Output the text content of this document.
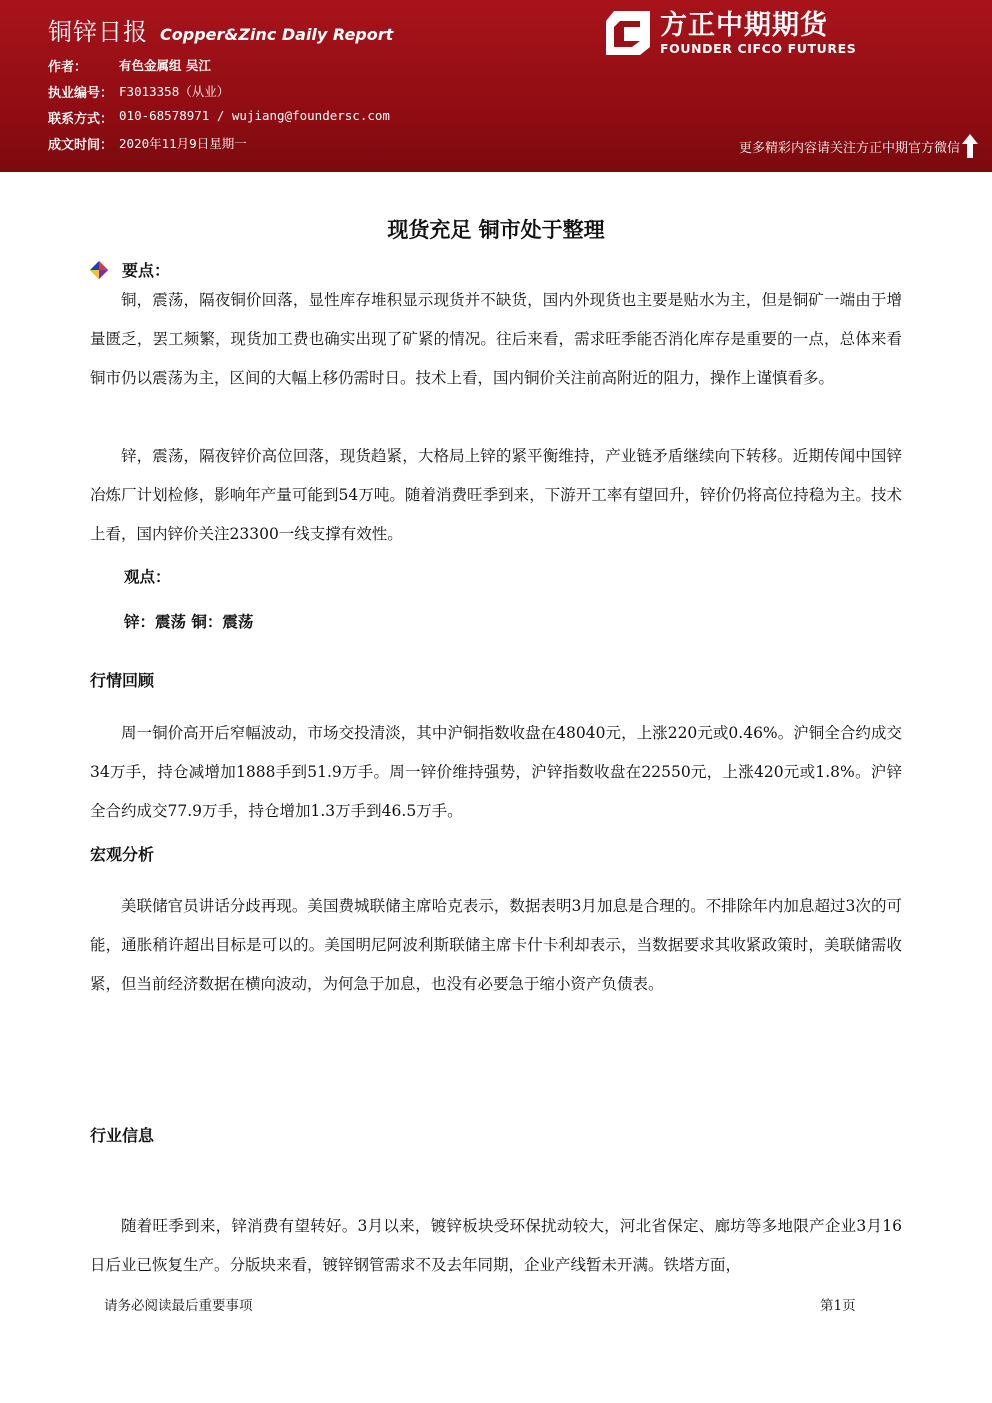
铜锌日报 Copper&Zinc Daily Report
作者：	有色金属组 吴江
执业编号： F3013358（从业）
联系方式： 010-68578971 / wujiang@foundersc.com
成文时间： 2020年11月9日星期一
方正中期期货
FOUNDER CIFCO FUTURES
更多精彩内容请关注方正中期官方微信
现货充足 铜市处于整理
要点：

铜，震荡，隔夜铜价回落，显性库存堆积显示现货并不缺货，国内外现货也主要是贴水为主，但是铜矿一端由于增量匮乏，罢工频繁，现货加工费也确实出现了矿紧的情况。往后来看，需求旺季能否消化库存是重要的一点，总体来看铜市仍以震荡为主，区间的大幅上移仍需时日。技术上看，国内铜价关注前高附近的阻力，操作上谨慎看多。

锌，震荡，隔夜锌价高位回落，现货趋紧，大格局上锌的紧平衡维持，产业链矛盾继续向下转移。近期传闻中国锌冶炼厂计划检修，影响年产量可能到54万吨。随着消费旺季到来，下游开工率有望回升，锌价仍将高位持稳为主。技术上看，国内锌价关注23300一线支撑有效性。

观点：
锌：震荡 铜：震荡
行情回顾

周一铜价高开后窄幅波动，市场交投清淡，其中沪铜指数收盘在48040元，上涨220元或0.46%。沪铜全合约成交34万手，持仓减增加1888手到51.9万手。周一锌价维持强势，沪锌指数收盘在22550元，上涨420元或1.8%。沪锌全合约成交77.9万手，持仓增加1.3万手到46.5万手。

宏观分析

美联储官员讲话分歧再现。美国费城联储主席哈克表示，数据表明3月加息是合理的。不排除年内加息超过3次的可能，通胀稍许超出目标是可以的。美国明尼阿波利斯联储主席卡什卡利却表示，当数据要求其收紧政策时，美联储需收紧，但当前经济数据在横向波动，为何急于加息，也没有必要急于缩小资产负债表。

行业信息

随着旺季到来，锌消费有望转好。3月以来，镀锌板块受环保扰动较大，河北省保定、廊坊等多地限产企业3月16日后业已恢复生产。分版块来看，镀锌钢管需求不及去年同期，企业产线暂未开满。铁塔方面，

请务必阅读最后重要事项	第1页
